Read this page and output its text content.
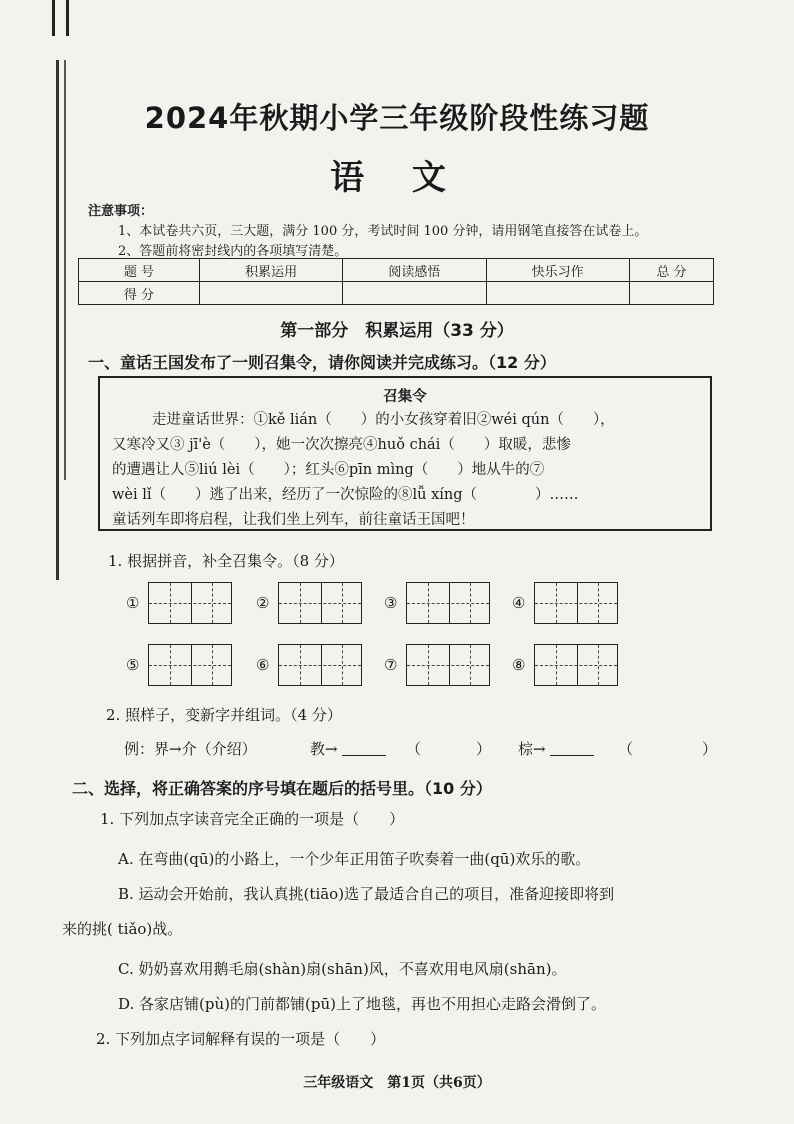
2024年秋期小学三年级阶段性练习题
语 文
注意事项：
1、本试卷共六页，三大题，满分 100 分，考试时间 100 分钟，请用钢笔直接答在试卷上。
2、答题前将密封线内的各项填写清楚。
题 号	积累运用	阅读感悟	快乐习作	总 分
得 分				
第一部分　积累运用（33 分）
一、童话王国发布了一则召集令，请你阅读并完成练习。（12 分）
召集令
走进童话世界：①kě lián（　　）的小女孩穿着旧②wéi qún（　　），
又寒冷又③ jī'è（　　），她一次次擦亮④huǒ chái（　　）取暖，悲惨
的遭遇让人⑤liú lèi（　　）；红头⑥pīn mìng（　　）地从牛的⑦
wèi lǐ（　　）逃了出来，经历了一次惊险的⑧lǚ xíng（　　　　）……
童话列车即将启程，让我们坐上列车，前往童话王国吧！
1. 根据拼音，补全召集令。（8 分）
①	②	③	④
⑤	⑥	⑦	⑧
2. 照样子，变新字并组词。（4 分）
例：界→介（介绍）	教→	（	） 棕→	（	）
二、选择，将正确答案的序号填在题后的括号里。（10 分）
1. 下列加点字读音完全正确的一项是（　　）
A. 在弯曲(qū)的小路上，一个少年正用笛子吹奏着一曲(qū)欢乐的歌。
B. 运动会开始前，我认真挑(tiāo)选了最适合自己的项目，准备迎接即将到
来的挑( tiǎo)战。
C. 奶奶喜欢用鹅毛扇(shàn)扇(shān)风，不喜欢用电风扇(shān)。
D. 各家店铺(pù)的门前都铺(pū)上了地毯，再也不用担心走路会滑倒了。
2. 下列加点字词解释有误的一项是（　　）
三年级语文　第1页（共6页）
